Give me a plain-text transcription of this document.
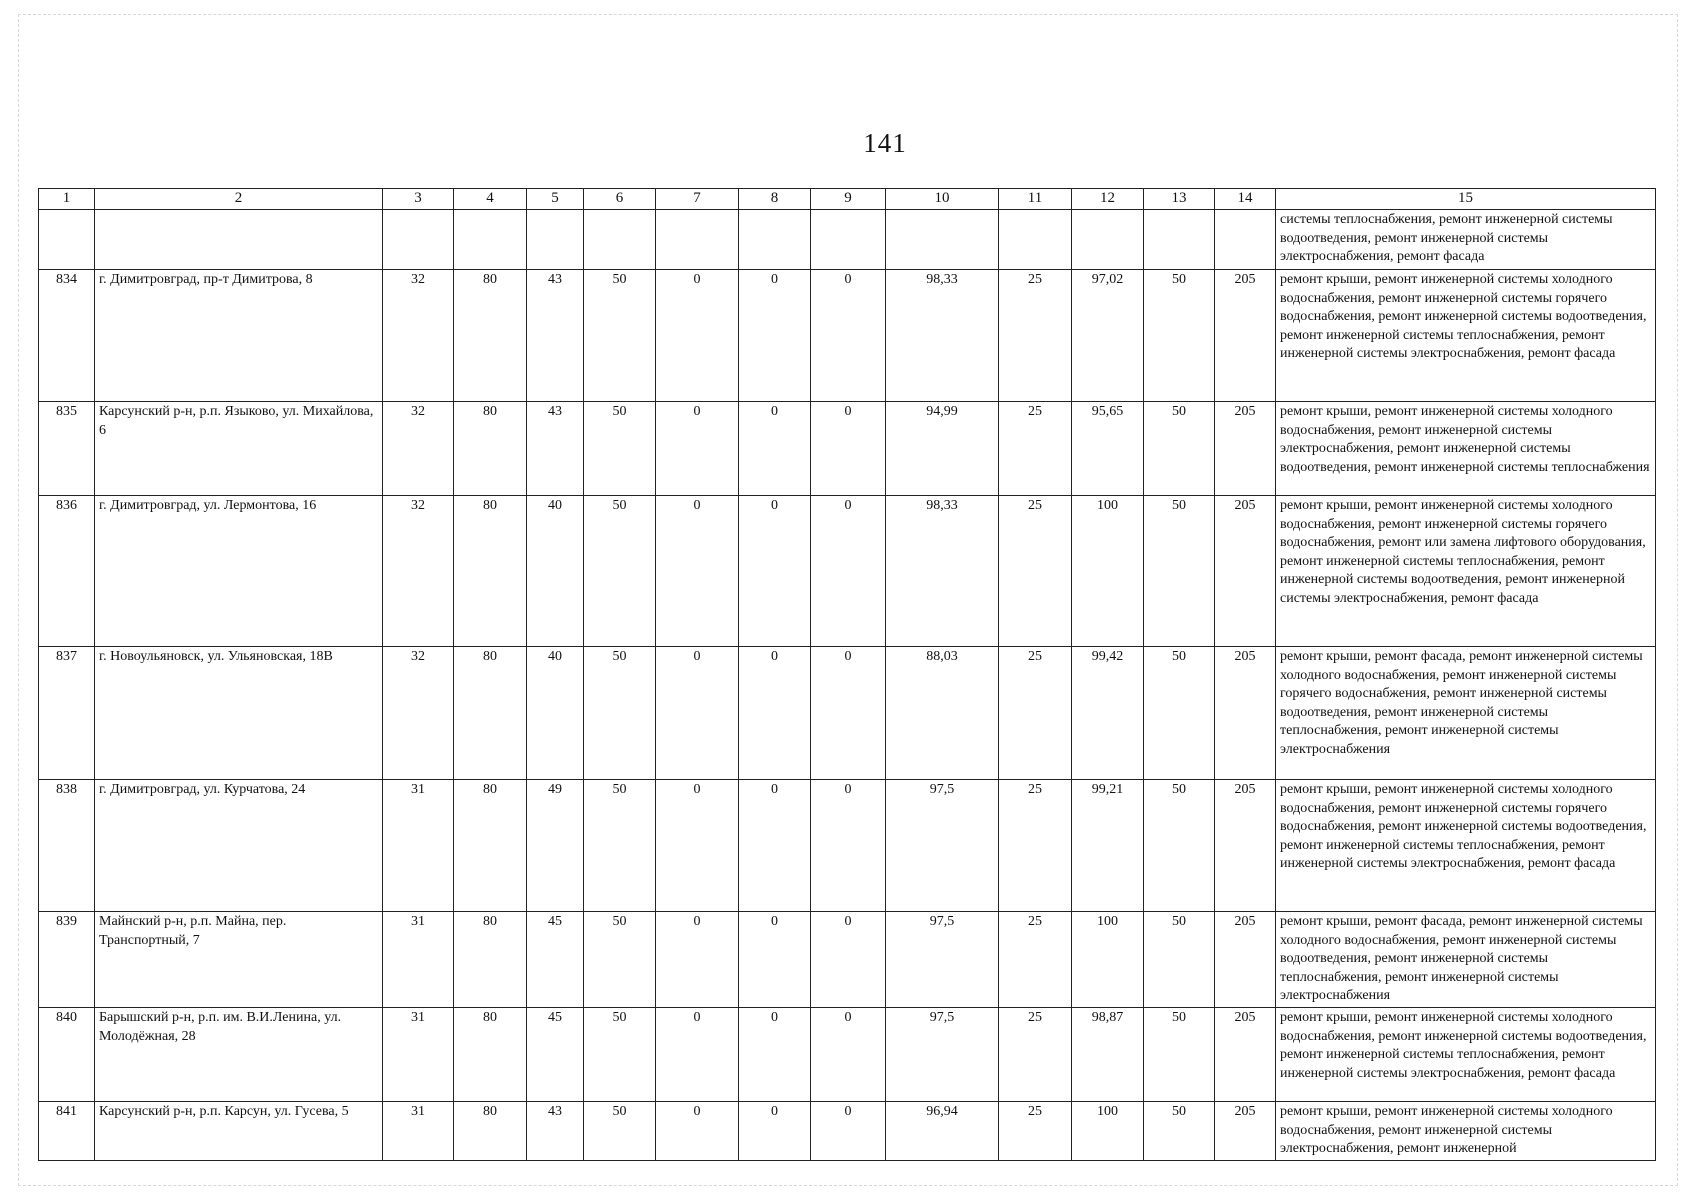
141
1	2	3	4	5	6	7	8	9	10	11	12	13	14	15
														системы теплоснабжения, ремонт инженерной системы водоотведения, ремонт инженерной системы электроснабжения, ремонт фасада
834	г. Димитровград, пр-т Димитрова, 8	32	80	43	50	0	0	0	98,33	25	97,02	50	205	ремонт крыши, ремонт инженерной системы холодного водоснабжения, ремонт инженерной системы горячего водоснабжения, ремонт инженерной системы водоотведения, ремонт инженерной системы теплоснабжения, ремонт инженерной системы электроснабжения, ремонт фасада
835	Карсунский р-н, р.п. Языково, ул. Михайлова, 6	32	80	43	50	0	0	0	94,99	25	95,65	50	205	ремонт крыши, ремонт инженерной системы холодного водоснабжения, ремонт инженерной системы электроснабжения, ремонт инженерной системы водоотведения, ремонт инженерной системы теплоснабжения
836	г. Димитровград, ул. Лермонтова, 16	32	80	40	50	0	0	0	98,33	25	100	50	205	ремонт крыши, ремонт инженерной системы холодного водоснабжения, ремонт инженерной системы горячего водоснабжения, ремонт или замена лифтового оборудования, ремонт инженерной системы теплоснабжения, ремонт инженерной системы водоотведения, ремонт инженерной системы электроснабжения, ремонт фасада
837	г. Новоульяновск, ул. Ульяновская, 18В	32	80	40	50	0	0	0	88,03	25	99,42	50	205	ремонт крыши, ремонт фасада, ремонт инженерной системы холодного водоснабжения, ремонт инженерной системы горячего водоснабжения, ремонт инженерной системы водоотведения, ремонт инженерной системы теплоснабжения, ремонт инженерной системы электроснабжения
838	г. Димитровград, ул. Курчатова, 24	31	80	49	50	0	0	0	97,5	25	99,21	50	205	ремонт крыши, ремонт инженерной системы холодного водоснабжения, ремонт инженерной системы горячего водоснабжения, ремонт инженерной системы водоотведения, ремонт инженерной системы теплоснабжения, ремонт инженерной системы электроснабжения, ремонт фасада
839	Майнский р-н, р.п. Майна, пер. Транспортный, 7	31	80	45	50	0	0	0	97,5	25	100	50	205	ремонт крыши, ремонт фасада, ремонт инженерной системы холодного водоснабжения, ремонт инженерной системы водоотведения, ремонт инженерной системы теплоснабжения, ремонт инженерной системы электроснабжения
840	Барышский р-н, р.п. им. В.И.Ленина, ул. Молодёжная, 28	31	80	45	50	0	0	0	97,5	25	98,87	50	205	ремонт крыши, ремонт инженерной системы холодного водоснабжения, ремонт инженерной системы водоотведения, ремонт инженерной системы теплоснабжения, ремонт инженерной системы электроснабжения, ремонт фасада
841	Карсунский р-н, р.п. Карсун, ул. Гусева, 5	31	80	43	50	0	0	0	96,94	25	100	50	205	ремонт крыши, ремонт инженерной системы холодного водоснабжения, ремонт инженерной системы электроснабжения, ремонт инженерной
